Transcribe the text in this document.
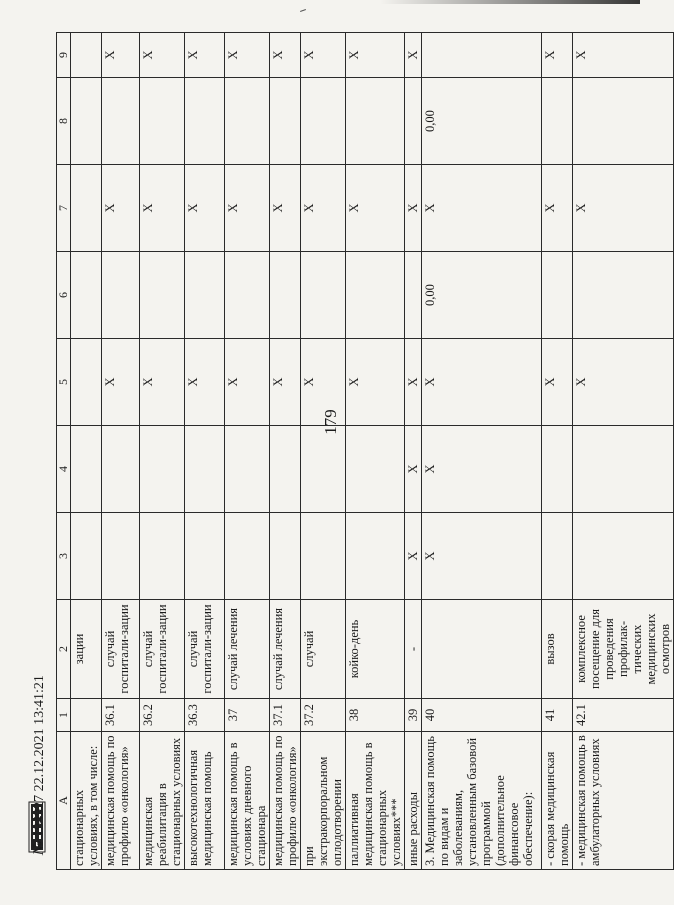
179
A	1	2	3	4	5	6	7	8	9
стационарных условиях, в том числе:		зации							
медицинская помощь по профилю «онкология»	36.1	случай госпитали-зации			Х		Х		Х
медицинская реабилитация в стационарных условиях	36.2	случай госпитали-зации			Х		Х		Х
высокотехнологичная медицинская помощь	36.3	случай госпитали-зации			Х		Х		Х
медицинская помощь в условиях дневного стационара	37	случай лечения			Х		Х		Х
медицинская помощь по профилю «онкология»	37.1	случай лечения			Х		Х		Х
при экстракорпоральном оплодотворении	37.2	случай			Х		Х		Х
паллиативная медицинская помощь в стационарных условиях***	38	койко-день			Х		Х		Х
иные расходы	39	-	Х	Х	Х		Х		Х
3. Медицинская помощь по видам и заболеваниям, установленным базовой программой (дополнительное финансовое обеспечение):	40		Х	Х	Х	0,00	Х	0,00	
- скорая медицинская помощь	41	вызов			Х		Х		Х
- медицинская помощь в амбулаторных условиях	42.1	комплексное посещение для проведения профилак-тических медицинских осмотров			Х		Х		Х
№194927 22.12.2021 13:41:21
